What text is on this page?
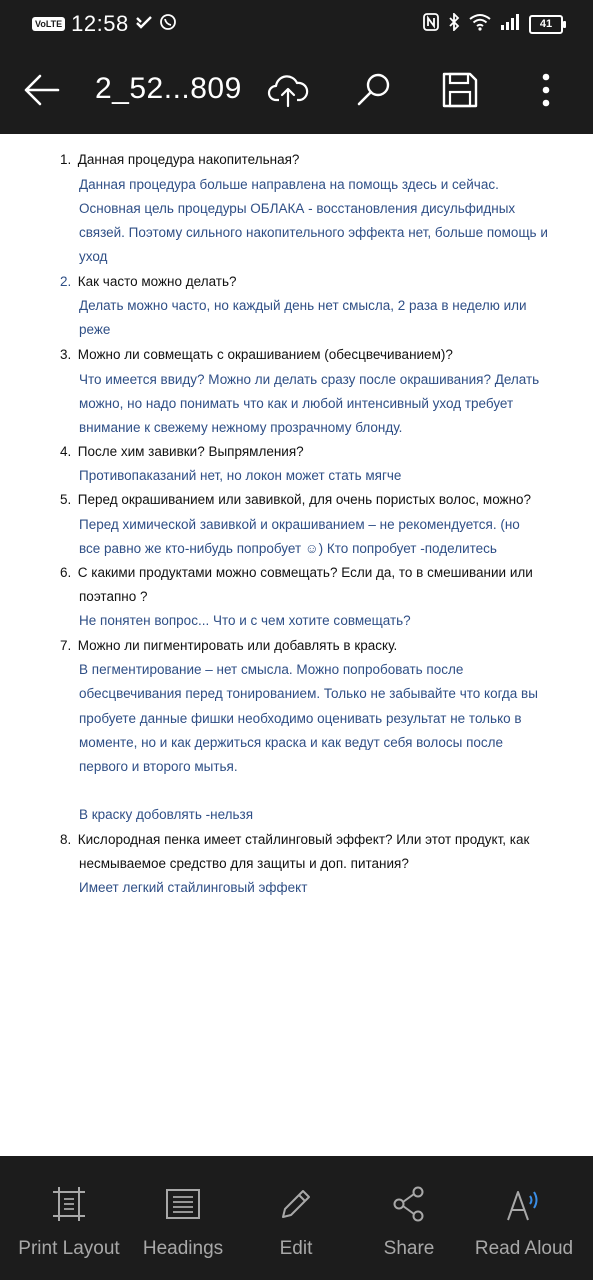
VoLTE 12:58	41
2_52...809
1. Данная процедура накопительная?
Данная процедура больше направлена на помощь здесь и сейчас.
Основная цель процедуры ОБЛАКА - восстановления дисульфидных
связей. Поэтому сильного накопительного эффекта нет, больше помощь и
уход
2. Как часто можно делать?
Делать можно часто, но каждый день нет смысла, 2 раза в неделю или
реже
3. Можно ли совмещать с окрашиванием (обесцвечиванием)?
Что имеется ввиду? Можно ли делать сразу после окрашивания? Делать
можно, но надо понимать что как и любой интенсивный уход требует
внимание к свежему нежному прозрачному блонду.
4. После хим завивки? Выпрямления?
Противопаказаний нет, но локон может стать мягче
5. Перед окрашиванием или завивкой, для очень пористых волос, можно?
Перед химической завивкой и окрашиванием – не рекомендуется. (но
все равно же кто-нибудь попробует ☺) Кто попробует -поделитесь
6. С какими продуктами можно совмещать? Если да, то в смешивании или
поэтапно ?
Не понятен вопрос... Что и с чем хотите совмещать?
7. Можно ли пигментировать или добавлять в краску.
В пегментирование – нет смысла. Можно попробовать после
обесцвечивания перед тонированием. Только не забывайте что когда вы
пробуете данные фишки необходимо оценивать результат не только в
моменте, но и как держиться краска и как ведут себя волосы после
первого и второго мытья.
В краску добовлять -нельзя
8. Кислородная пенка имеет стайлинговый эффект? Или этот продукт, как
несмываемое средство для защиты и доп. питания?
Имеет легкий стайлинговый эффект
Print Layout Headings	Edit	Share Read Aloud
